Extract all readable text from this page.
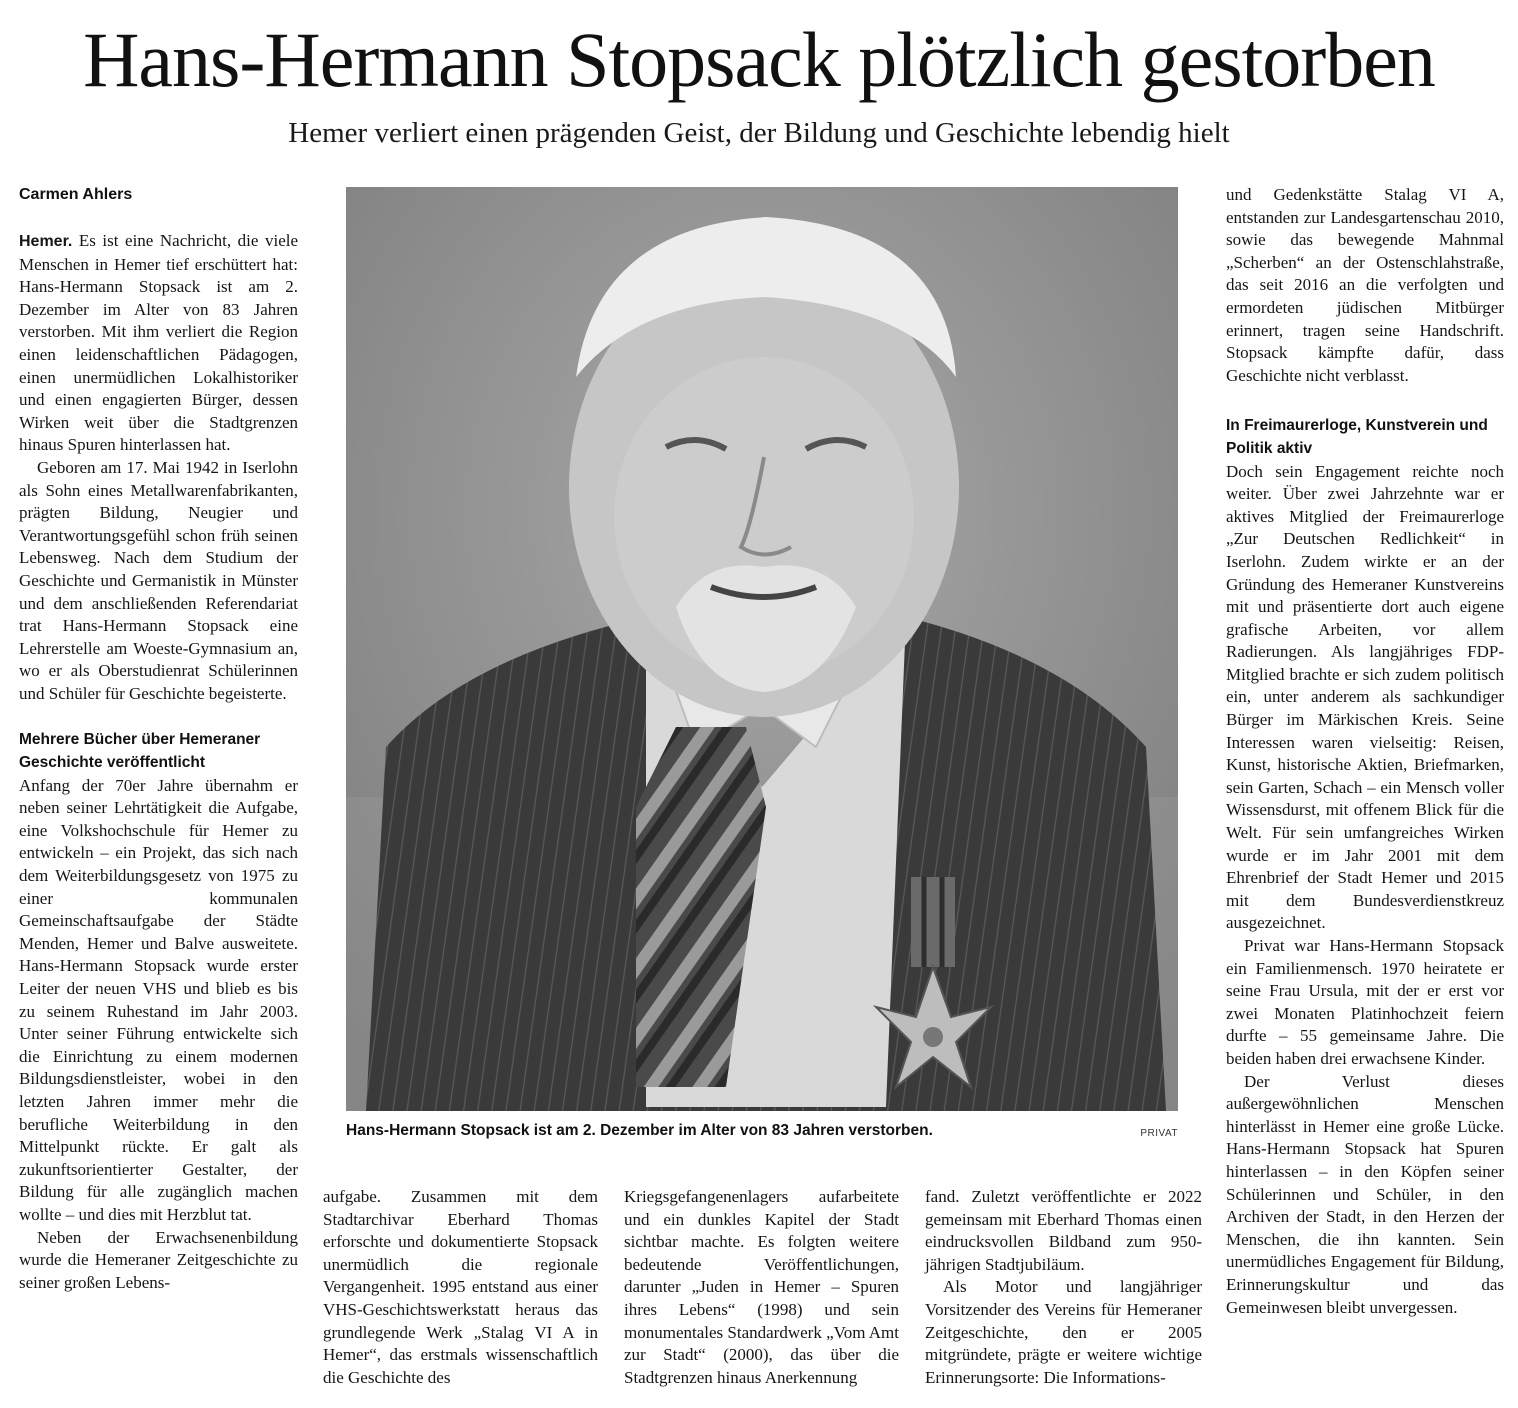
Hans-Hermann Stopsack plötzlich gestorben
Hemer verliert einen prägenden Geist, der Bildung und Geschichte lebendig hielt
Carmen Ahlers

Hemer. Es ist eine Nachricht, die viele Menschen in Hemer tief erschüttert hat: Hans-Hermann Stopsack ist am 2. Dezember im Alter von 83 Jahren verstorben. Mit ihm verliert die Region einen leidenschaftlichen Pädagogen, einen unermüdlichen Lokalhistoriker und einen engagierten Bürger, dessen Wirken weit über die Stadtgrenzen hinaus Spuren hinterlassen hat.

Geboren am 17. Mai 1942 in Iserlohn als Sohn eines Metallwarenfabrikanten, prägten Bildung, Neugier und Verantwortungsgefühl schon früh seinen Lebensweg. Nach dem Studium der Geschichte und Germanistik in Münster und dem anschließenden Referendariat trat Hans-Hermann Stopsack eine Lehrerstelle am Woeste-Gymnasium an, wo er als Oberstudienrat Schülerinnen und Schüler für Geschichte begeisterte.

Mehrere Bücher über Hemeraner Geschichte veröffentlicht

Anfang der 70er Jahre übernahm er neben seiner Lehrtätigkeit die Aufgabe, eine Volkshochschule für Hemer zu entwickeln – ein Projekt, das sich nach dem Weiterbildungsgesetz von 1975 zu einer kommunalen Gemeinschaftsaufgabe der Städte Menden, Hemer und Balve ausweitete. Hans-Hermann Stopsack wurde erster Leiter der neuen VHS und blieb es bis zu seinem Ruhestand im Jahr 2003. Unter seiner Führung entwickelte sich die Einrichtung zu einem modernen Bildungsdienstleister, wobei in den letzten Jahren immer mehr die berufliche Weiterbildung in den Mittelpunkt rückte. Er galt als zukunftsorientierter Gestalter, der Bildung für alle zugänglich machen wollte – und dies mit Herzblut tat.

Neben der Erwachsenenbildung wurde die Hemeraner Zeitgeschichte zu seiner großen Lebens-

Hans-Hermann Stopsack ist am 2. Dezember im Alter von 83 Jahren verstorben.	PRIVAT

aufgabe. Zusammen mit dem Stadtarchivar Eberhard Thomas erforschte und dokumentierte Stopsack unermüdlich die regionale Vergangenheit. 1995 entstand aus einer VHS-Geschichtswerkstatt heraus das grundlegende Werk „Stalag VI A in Hemer“, das erstmals wissenschaftlich die Geschichte des

Kriegsgefangenenlagers aufarbeitete und ein dunkles Kapitel der Stadt sichtbar machte. Es folgten weitere bedeutende Veröffentlichungen, darunter „Juden in Hemer – Spuren ihres Lebens“ (1998) und sein monumentales Standardwerk „Vom Amt zur Stadt“ (2000), das über die Stadtgrenzen hinaus Anerkennung

fand. Zuletzt veröffentlichte er 2022 gemeinsam mit Eberhard Thomas einen eindrucksvollen Bildband zum 950-jährigen Stadtjubiläum.

Als Motor und langjähriger Vorsitzender des Vereins für Hemeraner Zeitgeschichte, den er 2005 mitgründete, prägte er weitere wichtige Erinnerungsorte: Die Informations-

und Gedenkstätte Stalag VI A, entstanden zur Landesgartenschau 2010, sowie das bewegende Mahnmal „Scherben“ an der Ostenschlahstraße, das seit 2016 an die verfolgten und ermordeten jüdischen Mitbürger erinnert, tragen seine Handschrift. Stopsack kämpfte dafür, dass Geschichte nicht verblasst.

In Freimaurerloge, Kunstverein und Politik aktiv

Doch sein Engagement reichte noch weiter. Über zwei Jahrzehnte war er aktives Mitglied der Freimaurerloge „Zur Deutschen Redlichkeit“ in Iserlohn. Zudem wirkte er an der Gründung des Hemeraner Kunstvereins mit und präsentierte dort auch eigene grafische Arbeiten, vor allem Radierungen. Als langjähriges FDP-Mitglied brachte er sich zudem politisch ein, unter anderem als sachkundiger Bürger im Märkischen Kreis. Seine Interessen waren vielseitig: Reisen, Kunst, historische Aktien, Briefmarken, sein Garten, Schach – ein Mensch voller Wissensdurst, mit offenem Blick für die Welt. Für sein umfangreiches Wirken wurde er im Jahr 2001 mit dem Ehrenbrief der Stadt Hemer und 2015 mit dem Bundesverdienstkreuz ausgezeichnet.

Privat war Hans-Hermann Stopsack ein Familienmensch. 1970 heiratete er seine Frau Ursula, mit der er erst vor zwei Monaten Platinhochzeit feiern durfte – 55 gemeinsame Jahre. Die beiden haben drei erwachsene Kinder.

Der Verlust dieses außergewöhnlichen Menschen hinterlässt in Hemer eine große Lücke. Hans-Hermann Stopsack hat Spuren hinterlassen – in den Köpfen seiner Schülerinnen und Schüler, in den Archiven der Stadt, in den Herzen der Menschen, die ihn kannten. Sein unermüdliches Engagement für Bildung, Erinnerungskultur und das Gemeinwesen bleibt unvergessen.
